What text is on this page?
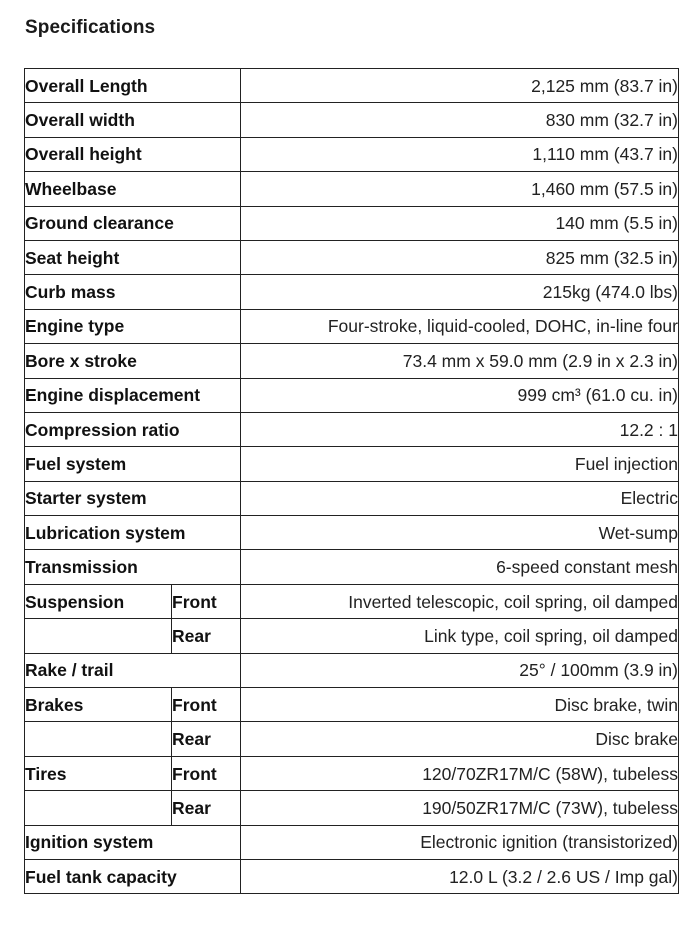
Specifications
Overall Length		2,125 mm (83.7 in)
Overall width		830 mm (32.7 in)
Overall height		1,110 mm (43.7 in)
Wheelbase		1,460 mm (57.5 in)
Ground clearance		140 mm (5.5 in)
Seat height		825 mm (32.5 in)
Curb mass		215kg (474.0 lbs)
Engine type		Four-stroke, liquid-cooled, DOHC, in-line four
Bore x stroke		73.4 mm x 59.0 mm (2.9 in x 2.3 in)
Engine displacement		999 cm³ (61.0 cu. in)
Compression ratio		12.2 : 1
Fuel system		Fuel injection
Starter system		Electric
Lubrication system		Wet-sump
Transmission		6-speed constant mesh
Suspension	Front	Inverted telescopic, coil spring, oil damped
	Rear	Link type, coil spring, oil damped
Rake / trail		25° / 100mm (3.9 in)
Brakes	Front	Disc brake, twin
	Rear	Disc brake
Tires	Front	120/70ZR17M/C (58W), tubeless
	Rear	190/50ZR17M/C (73W), tubeless
Ignition system		Electronic ignition (transistorized)
Fuel tank capacity		12.0 L (3.2 / 2.6 US / Imp gal)
